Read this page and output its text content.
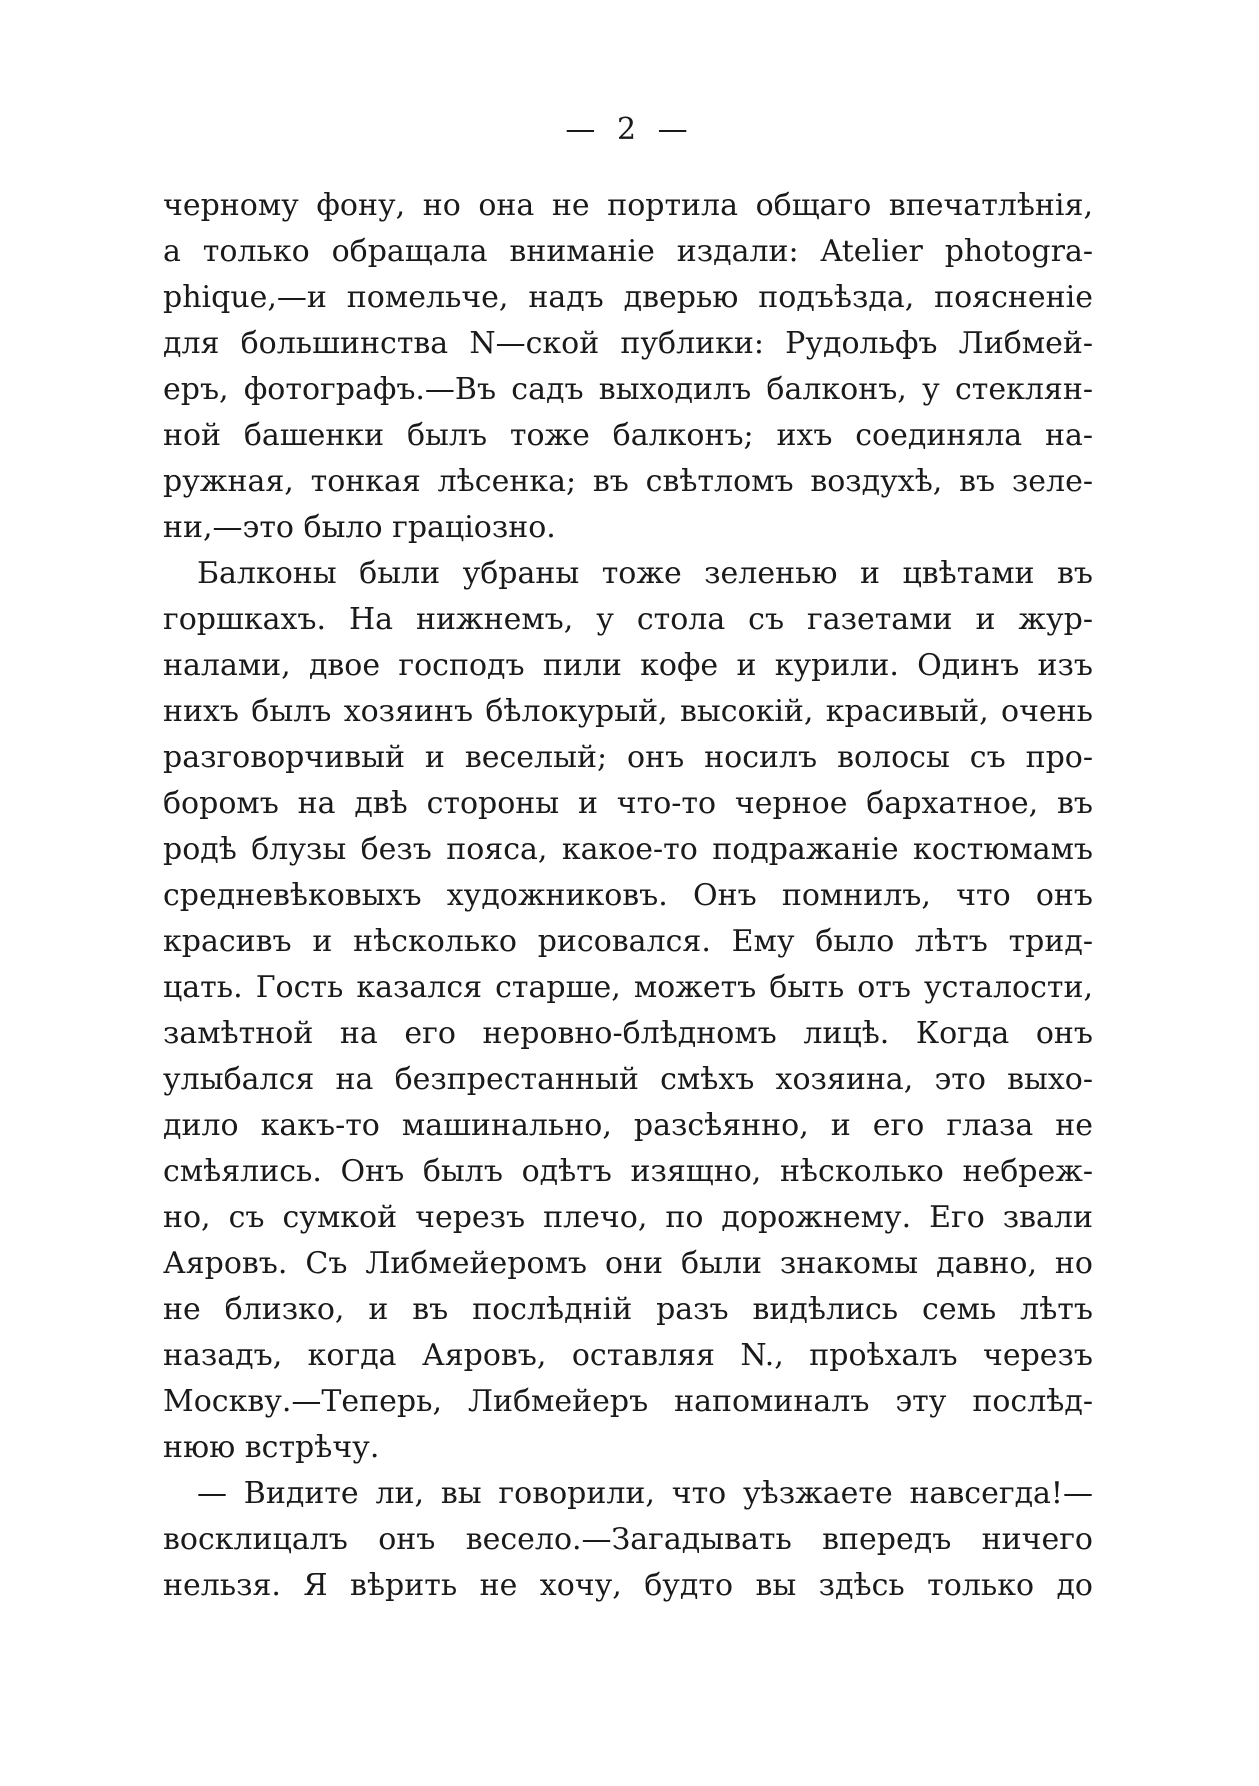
— 2 —
черному фону, но она не портила общаго впечатлѣнія,
а только обращала вниманіе издали: Atelier photogra-
phique,—и помельче, надъ дверью подъѣзда, поясненіе
для большинства N—ской публики: Рудольфъ Либмей-
еръ, фотографъ.—Въ садъ выходилъ балконъ, у стеклян-
ной башенки былъ тоже балконъ; ихъ соединяла на-
ружная, тонкая лѣсенка; въ свѣтломъ воздухѣ, въ зеле-
ни,—это было граціозно.
Балконы были убраны тоже зеленью и цвѣтами въ
горшкахъ. На нижнемъ, у стола съ газетами и жур-
налами, двое господъ пили кофе и курили. Одинъ изъ
нихъ былъ хозяинъ бѣлокурый, высокій, красивый, очень
разговорчивый и веселый; онъ носилъ волосы съ про-
боромъ на двѣ стороны и что-то черное бархатное, въ
родѣ блузы безъ пояса, какое-то подражаніе костюмамъ
средневѣковыхъ художниковъ. Онъ помнилъ, что онъ
красивъ и нѣсколько рисовался. Ему было лѣтъ трид-
цать. Гость казался старше, можетъ быть отъ усталости,
замѣтной на его неровно-блѣдномъ лицѣ. Когда онъ
улыбался на безпрестанный смѣхъ хозяина, это выхо-
дило какъ-то машинально, разсѣянно, и его глаза не
смѣялись. Онъ былъ одѣтъ изящно, нѣсколько небреж-
но, съ сумкой черезъ плечо, по дорожнему. Его звали
Аяровъ. Съ Либмейеромъ они были знакомы давно, но
не близко, и въ послѣдній разъ видѣлись семь лѣтъ
назадъ, когда Аяровъ, оставляя N., проѣхалъ черезъ
Москву.—Теперь, Либмейеръ напоминалъ эту послѣд-
нюю встрѣчу.
— Видите ли, вы говорили, что уѣзжаете навсегда!—
восклицалъ онъ весело.—Загадывать впередъ ничего
нельзя. Я вѣрить не хочу, будто вы здѣсь только до
